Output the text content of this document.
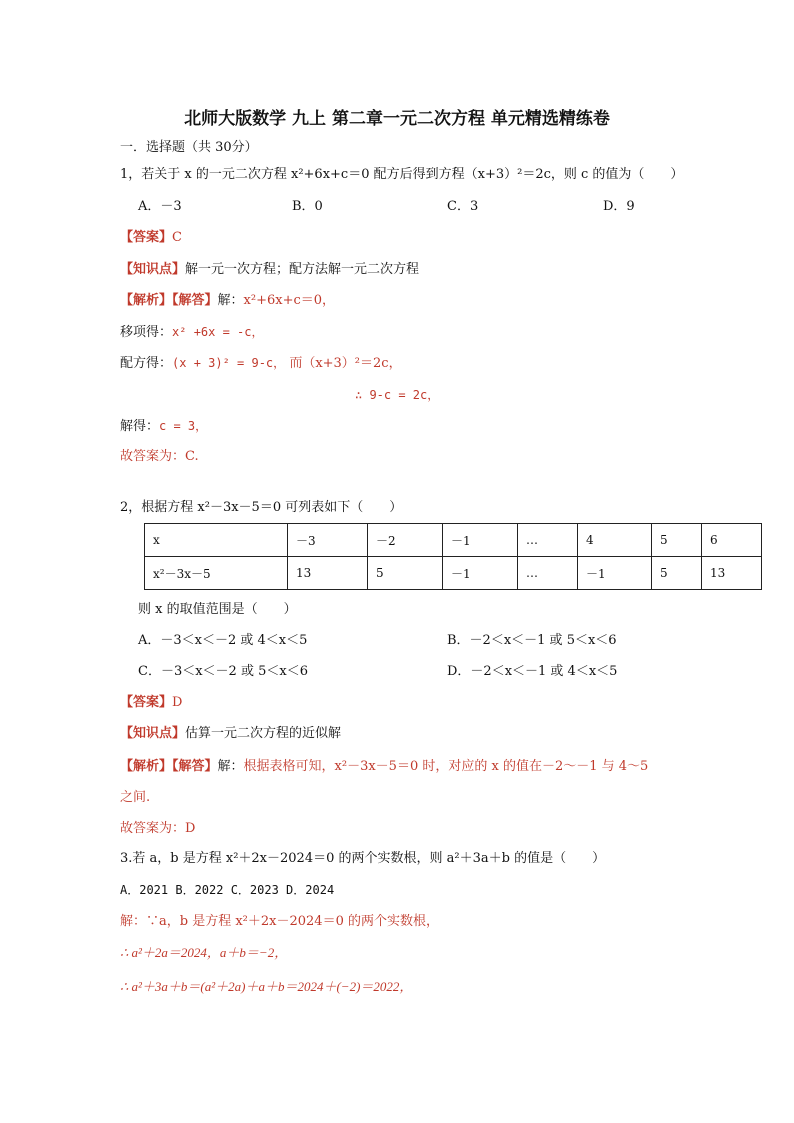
北师大版数学 九上 第二章一元二次方程 单元精选精练卷
一．选择题（共 30分）
1，若关于 x 的一元二次方程 x²+6x+c＝0 配方后得到方程（x+3）²＝2c，则 c 的值为（　　）
A．－3	B．0	C．3	D．9
【答案】C
【知识点】解一元一次方程；配方法解一元二次方程
【解析】【解答】解：x²+6x+c＝0，
移项得：x² +6x = -c，
配方得：(x + 3)² = 9-c， 而（x+3）²＝2c，
∴ 9-c = 2c，
解得：c = 3，
故答案为：C.
2，根据方程 x²－3x－5＝0 可列表如下（　　）
x	－3	－2	－1	…	4	5	6
x²－3x－5	13	5	－1	…	－1	5	13
则 x 的取值范围是（　　）
A．－3＜x＜－2 或 4＜x＜5	B．－2＜x＜－1 或 5＜x＜6
C．－3＜x＜－2 或 5＜x＜6	D．－2＜x＜－1 或 4＜x＜5
【答案】D
【知识点】估算一元二次方程的近似解
【解析】【解答】解：根据表格可知，x²－3x－5＝0 时，对应的 x 的值在－2～－1 与 4～5
之间.
故答案为：D
3.若 a，b 是方程 x²＋2x－2024＝0 的两个实数根，则 a²＋3a＋b 的值是（　　）
A．2021 B．2022 C．2023 D．2024
解：∵a，b 是方程 x²＋2x－2024＝0 的两个实数根，
∴ a²＋2a＝2024，a＋b＝−2，
∴ a²＋3a＋b＝(a²＋2a)＋a＋b＝2024＋(−2)＝2022，
